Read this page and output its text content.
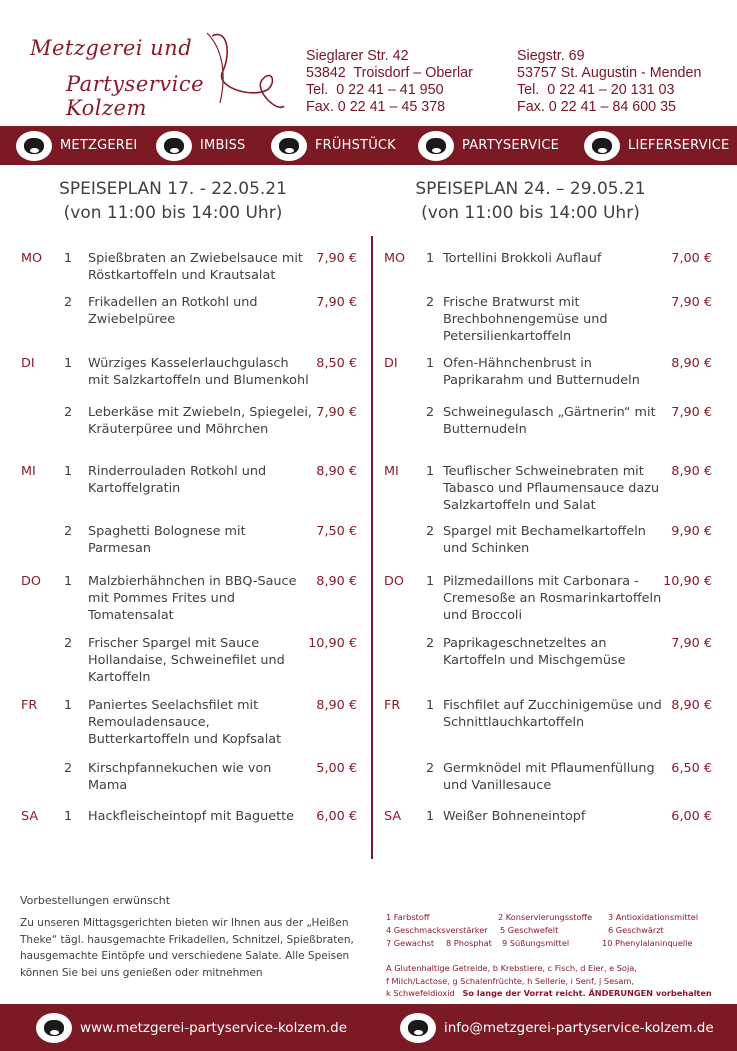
Metzgerei und
Partyservice Kolzem
Sieglarer Str. 42
53842  Troisdorf – Oberlar
Tel.  0 22 41 – 41 950
Fax. 0 22 41 – 45 378
Siegstr. 69
53757 St. Augustin - Menden
Tel.  0 22 41 – 20 131 03
Fax. 0 22 41 – 84 600 35
METZGEREI	IMBISS	FRÜHSTÜCK	PARTYSERVICE	LIEFERSERVICE
SPEISEPLAN 17. - 22.05.21
(von 11:00 bis 14:00 Uhr)
SPEISEPLAN 24. – 29.05.21
(von 11:00 bis 14:00 Uhr)
MO 1 Spießbraten an Zwiebelsauce mit
Röstkartoffeln und Krautsalat
7,90 €
2 Frikadellen an Rotkohl und
Zwiebelpüree
7,90 €
DI 1 Würziges Kasselerlauchgulasch
mit Salzkartoffeln und Blumenkohl
8,50 €
2 Leberkäse mit Zwiebeln, Spiegelei,
Kräuterpüree und Möhrchen
7,90 €
MI 1 Rinderrouladen Rotkohl und
Kartoffelgratin
8,90 €
2 Spaghetti Bolognese mit
Parmesan
7,50 €
DO 1 Malzbierhähnchen in BBQ-Sauce
mit Pommes Frites und
Tomatensalat
8,90 €
2 Frischer Spargel mit Sauce
Hollandaise, Schweinefilet und
Kartoffeln
10,90 €
FR 1 Paniertes Seelachsfilet mit
Remouladensauce,
Butterkartoffeln und Kopfsalat
8,90 €
2 Kirschpfannekuchen wie von
Mama
5,00 €
SA 1 Hackfleischeintopf mit Baguette	6,00 €
MO 1 Tortellini Brokkoli Auflauf	7,00 €
2 Frische Bratwurst mit
Brechbohnengemüse und
Petersilienkartoffeln
7,90 €
DI 1 Ofen-Hähnchenbrust in
Paprikarahm und Butternudeln
8,90 €
2 Schweinegulasch „Gärtnerin“ mit
Butternudeln
7,90 €
MI 1 Teuflischer Schweinebraten mit
Tabasco und Pflaumensauce dazu
Salzkartoffeln und Salat
8,90 €
2 Spargel mit Bechamelkartoffeln
und Schinken
9,90 €
DO 1 Pilzmedaillons mit Carbonara -
Cremesoße an Rosmarinkartoffeln
und Broccoli
10,90 €
2 Paprikageschnetzeltes an
Kartoffeln und Mischgemüse
7,90 €
FR 1 Fischfilet auf Zucchinigemüse und
Schnittlauchkartoffeln
8,90 €
2 Germknödel mit Pflaumenfüllung
und Vanillesauce
6,50 €
SA 1 Weißer Bohneneintopf	6,00 €
Vorbestellungen erwünscht
Zu unseren Mittagsgerichten bieten wir Ihnen aus der „Heißen Theke“ tägl. hausgemachte Frikadellen, Schnitzel, Spießbraten, hausgemachte Eintöpfe und verschiedene Salate. Alle Speisen können Sie bei uns genießen oder mitnehmen
1 Farbstoff	2 Konservierungsstoffe 3 Antioxidationsmittel
4 Geschmacksverstärker 5 Geschwefelt	6 Geschwärzt
7 Gewachst 8 Phosphat 9 Süßungsmittel	10 Phenylalaninquelle
A Glutenhaltige Getreide, b Krebstiere, c Fisch, d Eier, e Soja,
f Milch/Lactose, g Schalenfrüchte, h Sellerie, i Senf, j Sesam,
k Schwefeldioxid So lange der Vorrat reicht. ÄNDERUNGEN vorbehalten
www.metzgerei-partyservice-kolzem.de	info@metzgerei-partyservice-kolzem.de
